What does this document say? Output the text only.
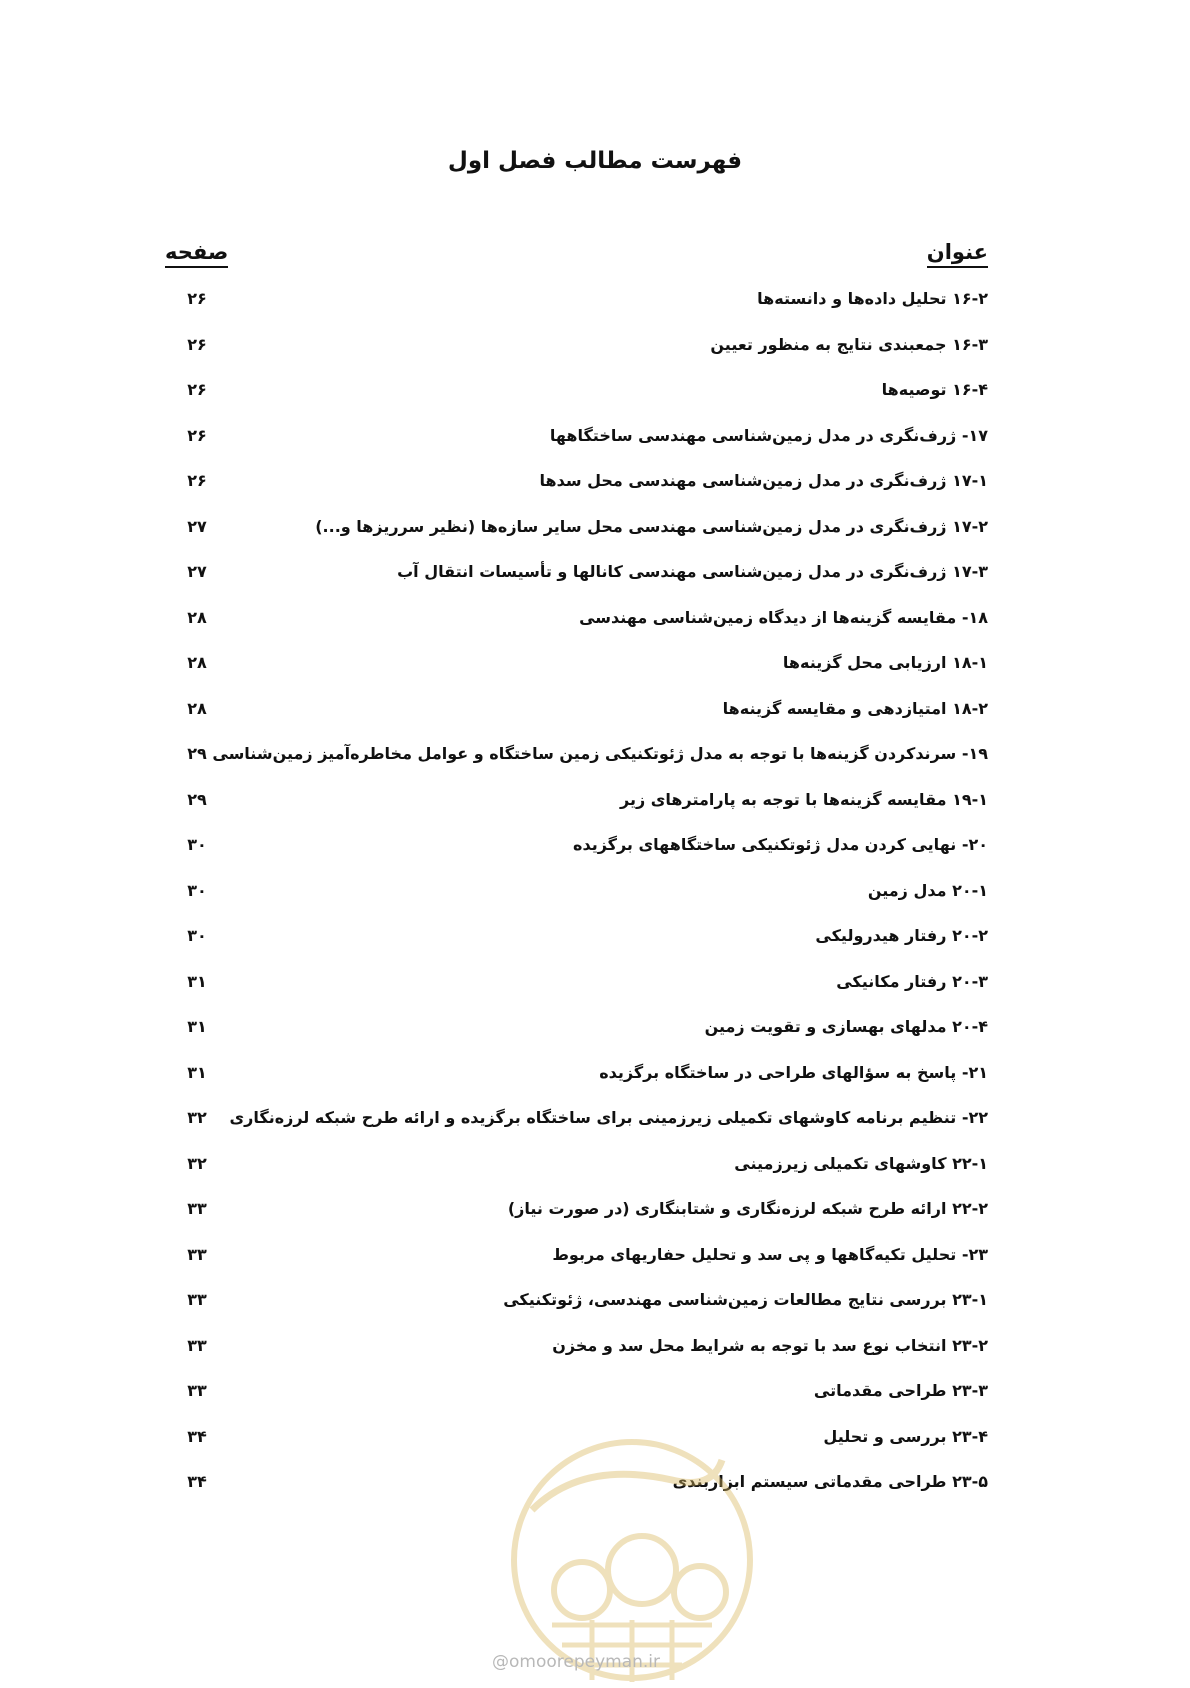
فهرست مطالب فصل اول
عنوان
صفحه
۱۶-۲ تحلیل داده‌ها و دانسته‌ها
۲۶
۱۶-۳ جمعبندی نتایج به منظور تعیین
۲۶
۱۶-۴ توصیه‌ها
۲۶
۱۷- ژرف‌نگری در مدل زمین‌شناسی مهندسی ساختگاهها
۲۶
۱۷-۱ ژرف‌نگری در مدل زمین‌شناسی مهندسی محل سدها
۲۶
۱۷-۲ ژرف‌نگری در مدل زمین‌شناسی مهندسی محل سایر سازه‌ها (نظیر سرریزها و...)
۲۷
۱۷-۳ ژرف‌نگری در مدل زمین‌شناسی مهندسی کانالها و تأسیسات انتقال آب
۲۷
۱۸- مقایسه گزینه‌ها از دیدگاه زمین‌شناسی مهندسی
۲۸
۱۸-۱ ارزیابی محل گزینه‌ها
۲۸
۱۸-۲ امتیازدهی و مقایسه گزینه‌ها
۲۸
۱۹- سرندکردن گزینه‌ها با توجه به مدل ژئوتکنیکی زمین ساختگاه و عوامل مخاطره‌آمیز زمین‌شناسی
۲۹
۱۹-۱ مقایسه گزینه‌ها با توجه به پارامترهای زیر
۲۹
۲۰- نهایی کردن مدل ژئوتکنیکی ساختگاههای برگزیده
۳۰
۲۰-۱ مدل زمین
۳۰
۲۰-۲ رفتار هیدرولیکی
۳۰
۲۰-۳ رفتار مکانیکی
۳۱
۲۰-۴ مدلهای بهسازی و تقویت زمین
۳۱
۲۱- پاسخ به سؤالهای طراحی در ساختگاه برگزیده
۳۱
۲۲- تنظیم برنامه کاوشهای تکمیلی زیرزمینی برای ساختگاه برگزیده و ارائه طرح شبکه لرزه‌نگاری
۳۲
۲۲-۱ کاوشهای تکمیلی زیرزمینی
۳۲
۲۲-۲ ارائه طرح شبکه لرزه‌نگاری و شتابنگاری (در صورت نیاز)
۳۳
۲۳- تحلیل تکیه‌گاهها و پی سد و تحلیل حفاریهای مربوط
۳۳
۲۳-۱ بررسی نتایج مطالعات زمین‌شناسی مهندسی، ژئوتکنیکی
۳۳
۲۳-۲ انتخاب نوع سد با توجه به شرایط محل سد و مخزن
۳۳
۲۳-۳ طراحی مقدماتی
۳۳
۲۳-۴ بررسی و تحلیل
۳۴
۲۳-۵ طراحی مقدماتی سیستم ابزاربندی
۳۴
@omoorepeyman.ir
